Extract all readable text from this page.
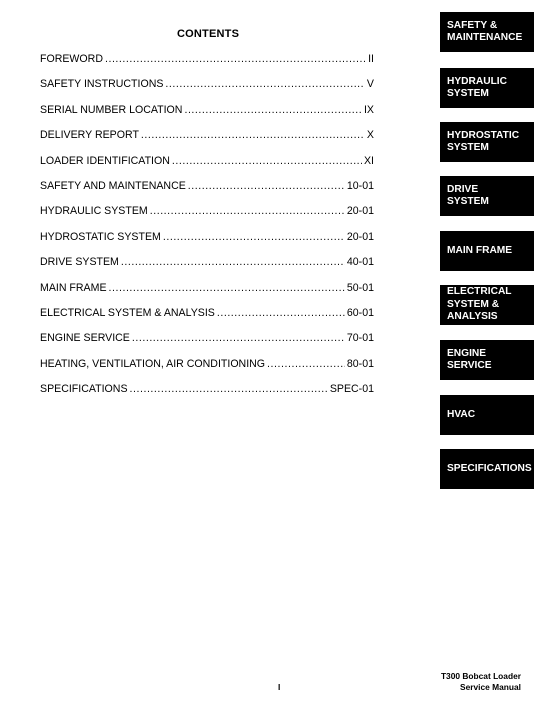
CONTENTS
FOREWORD . . .	II
SAFETY INSTRUCTIONS . . .	V
SERIAL NUMBER LOCATION . . .	IX
DELIVERY REPORT . . .	X
LOADER IDENTIFICATION . . .	XI
SAFETY AND MAINTENANCE . . .	10-01
HYDRAULIC SYSTEM . . .	20-01
HYDROSTATIC SYSTEM . . .	20-01
DRIVE SYSTEM . . .	40-01
MAIN FRAME . . .	50-01
ELECTRICAL SYSTEM & ANALYSIS . . .	60-01
ENGINE SERVICE . . .	70-01
HEATING, VENTILATION, AIR CONDITIONING . . .	80-01
SPECIFICATIONS . . .	SPEC-01
SAFETY &
MAINTENANCE
HYDRAULIC
SYSTEM
HYDROSTATIC
SYSTEM
DRIVE
SYSTEM
MAIN FRAME
ELECTRICAL
SYSTEM &
ANALYSIS
ENGINE
SERVICE
HVAC
SPECIFICATIONS
I
T300 Bobcat Loader
Service Manual
